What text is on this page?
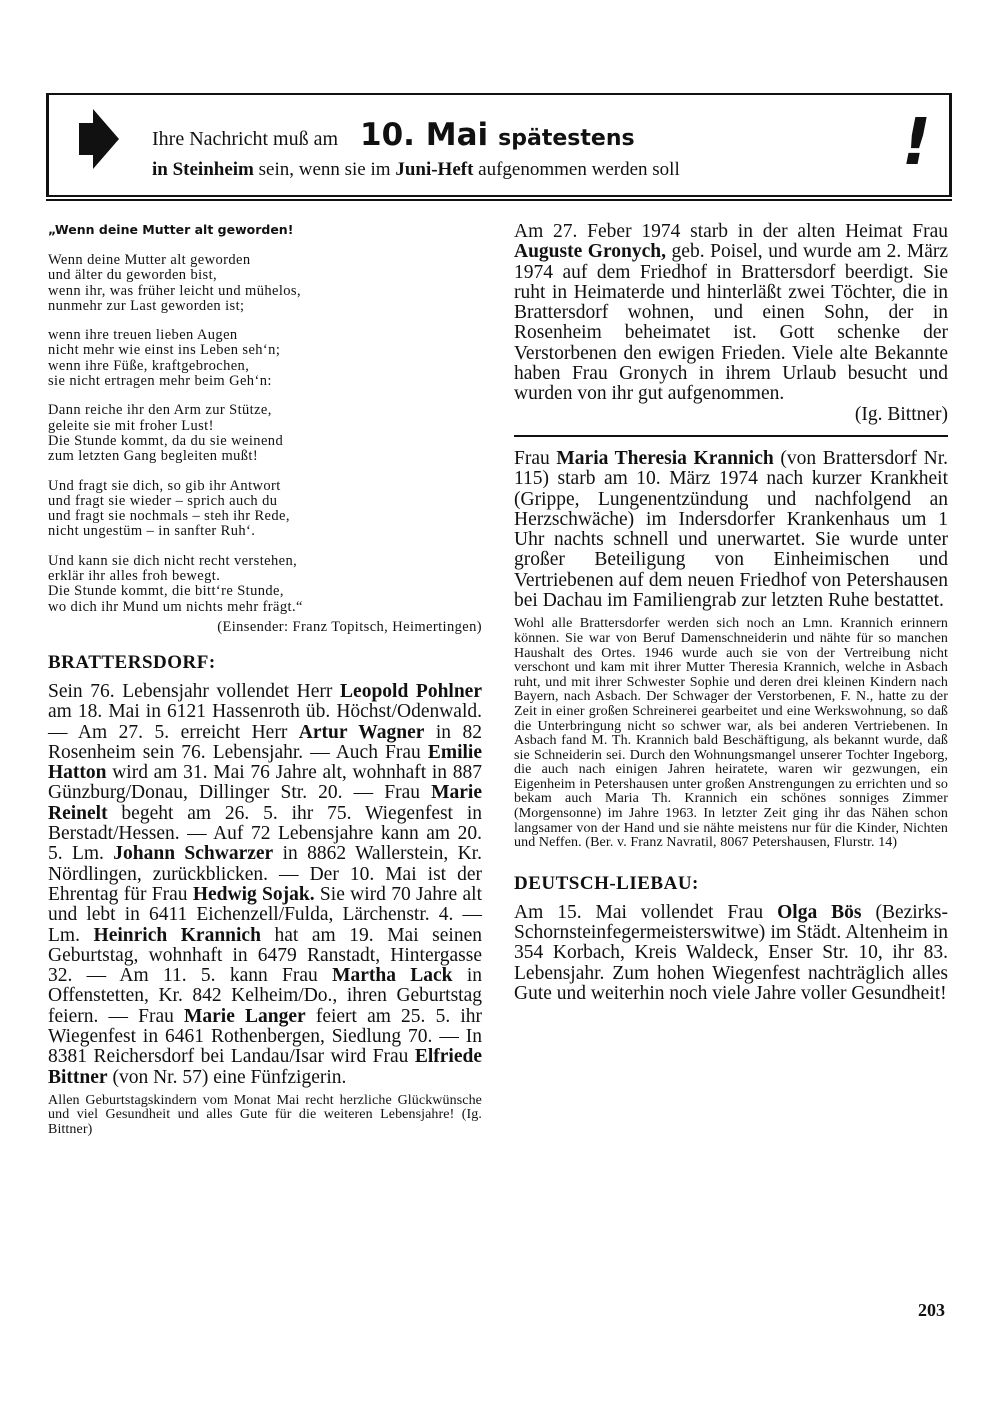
Ihre Nachricht muß am 10. Mai spätestens
in Steinheim sein, wenn sie im Juni-Heft aufgenommen werden soll	!
„Wenn deine Mutter alt geworden!
Wenn deine Mutter alt geworden
und älter du geworden bist,
wenn ihr, was früher leicht und mühelos,
nunmehr zur Last geworden ist;
wenn ihre treuen lieben Augen
nicht mehr wie einst ins Leben seh‘n;
wenn ihre Füße, kraftgebrochen,
sie nicht ertragen mehr beim Geh‘n:
Dann reiche ihr den Arm zur Stütze,
geleite sie mit froher Lust!
Die Stunde kommt, da du sie weinend
zum letzten Gang begleiten mußt!
Und fragt sie dich, so gib ihr Antwort
und fragt sie wieder – sprich auch du
und fragt sie nochmals – steh ihr Rede,
nicht ungestüm – in sanfter Ruh‘.
Und kann sie dich nicht recht verstehen,
erklär ihr alles froh bewegt.
Die Stunde kommt, die bitt‘re Stunde,
wo dich ihr Mund um nichts mehr frägt.“
(Einsender: Franz Topitsch, Heimertingen)
BRATTERSDORF:

Sein 76. Lebensjahr vollendet Herr Leopold Pohlner am 18. Mai in 6121 Hassenroth üb. Höchst/Odenwald. — Am 27. 5. erreicht Herr Artur Wagner in 82 Rosenheim sein 76. Lebensjahr. — Auch Frau Emilie Hatton wird am 31. Mai 76 Jahre alt, wohnhaft in 887 Günzburg/Donau, Dillinger Str. 20. — Frau Marie Reinelt begeht am 26. 5. ihr 75. Wiegenfest in Berstadt/Hessen. — Auf 72 Lebensjahre kann am 20. 5. Lm. Johann Schwarzer in 8862 Wallerstein, Kr. Nördlingen, zurückblicken. — Der 10. Mai ist der Ehrentag für Frau Hedwig Sojak. Sie wird 70 Jahre alt und lebt in 6411 Eichenzell/Fulda, Lärchenstr. 4. — Lm. Heinrich Krannich hat am 19. Mai seinen Geburtstag, wohnhaft in 6479 Ranstadt, Hintergasse 32. — Am 11. 5. kann Frau Martha Lack in Offenstetten, Kr. 842 Kelheim/Do., ihren Geburtstag feiern. — Frau Marie Langer feiert am 25. 5. ihr Wiegenfest in 6461 Rothenbergen, Siedlung 70. — In 8381 Reichersdorf bei Landau/Isar wird Frau Elfriede Bittner (von Nr. 57) eine Fünfzigerin.

Allen Geburtstagskindern vom Monat Mai recht herzliche Glückwünsche und viel Gesundheit und alles Gute für die weiteren Lebensjahre! (Ig. Bittner)

Am 27. Feber 1974 starb in der alten Heimat Frau Auguste Gronych, geb. Poisel, und wurde am 2. März 1974 auf dem Friedhof in Brattersdorf beerdigt. Sie ruht in Heimaterde und hinterläßt zwei Töchter, die in Brattersdorf wohnen, und einen Sohn, der in Rosenheim beheimatet ist. Gott schenke der Verstorbenen den ewigen Frieden. Viele alte Bekannte haben Frau Gronych in ihrem Urlaub besucht und wurden von ihr gut aufgenommen.

(Ig. Bittner)

Frau Maria Theresia Krannich (von Brattersdorf Nr. 115) starb am 10. März 1974 nach kurzer Krankheit (Grippe, Lungenentzündung und nachfolgend an Herzschwäche) im Indersdorfer Krankenhaus um 1 Uhr nachts schnell und unerwartet. Sie wurde unter großer Beteiligung von Einheimischen und Vertriebenen auf dem neuen Friedhof von Petershausen bei Dachau im Familiengrab zur letzten Ruhe bestattet.

Wohl alle Brattersdorfer werden sich noch an Lmn. Krannich erinnern können. Sie war von Beruf Damenschneiderin und nähte für so manchen Haushalt des Ortes. 1946 wurde auch sie von der Vertreibung nicht verschont und kam mit ihrer Mutter Theresia Krannich, welche in Asbach ruht, und mit ihrer Schwester Sophie und deren drei kleinen Kindern nach Bayern, nach Asbach. Der Schwager der Verstorbenen, F. N., hatte zu der Zeit in einer großen Schreinerei gearbeitet und eine Werkswohnung, so daß die Unterbringung nicht so schwer war, als bei anderen Vertriebenen. In Asbach fand M. Th. Krannich bald Beschäftigung, als bekannt wurde, daß sie Schneiderin sei. Durch den Wohnungsmangel unserer Tochter Ingeborg, die auch nach einigen Jahren heiratete, waren wir gezwungen, ein Eigenheim in Petershausen unter großen Anstrengungen zu errichten und so bekam auch Maria Th. Krannich ein schönes sonniges Zimmer (Morgensonne) im Jahre 1963. In letzter Zeit ging ihr das Nähen schon langsamer von der Hand und sie nähte meistens nur für die Kinder, Nichten und Neffen. (Ber. v. Franz Navratil, 8067 Petershausen, Flurstr. 14)

DEUTSCH-LIEBAU:

Am 15. Mai vollendet Frau Olga Bös (Bezirks-Schornsteinfegermeisterswitwe) im Städt. Altenheim in 354 Korbach, Kreis Waldeck, Enser Str. 10, ihr 83. Lebensjahr. Zum hohen Wiegenfest nachträglich alles Gute und weiterhin noch viele Jahre voller Gesundheit!

203
